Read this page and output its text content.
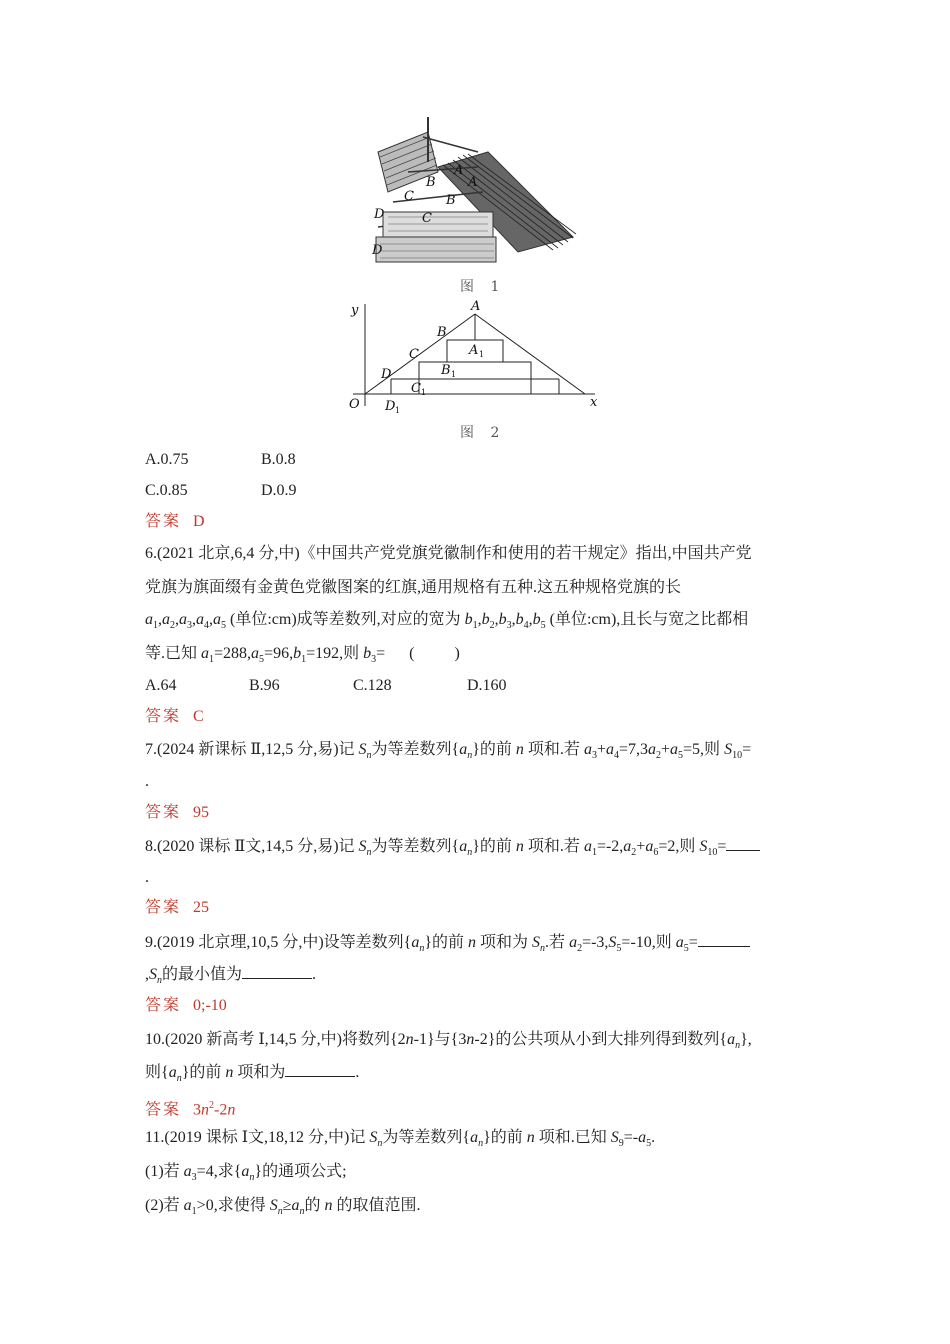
A
B
C
D
A
B
C
D
图 1
y
x
O
A
B
C
D
A
B
C
D
1
1
1
1
图 2
A.0.75	B.0.8
C.0.85	D.0.9
答案 D
6.(2021 北京,6,4 分,中)《中国共产党党旗党徽制作和使用的若干规定》指出,中国共产党
党旗为旗面缀有金黄色党徽图案的红旗,通用规格有五种.这五种规格党旗的长
$a_1,a_2,a_3,a_4,a_5$ (单位:cm)成等差数列,对应的宽为 $b_1,b_2,b_3,b_4,b_5$ (单位:cm),且长与宽之比都相
等.已知 $a_1=288,a_5=96,b_1=192$,则 $b_3=$      (          )
A.64	B.96	C.128	D.160
答案 C
7.(2024 新课标 Ⅱ,12,5 分,易)记 $S_n$为等差数列$\{a_n\}$的前 n 项和.若 $a_3+a_4=7,3a_2+a_5=5$,则 $S_{10}=$
.
答案 95
8.(2020 课标 Ⅱ文,14,5 分,易)记 $S_n$为等差数列$\{a_n\}$的前 n 项和.若 $a_1=-2,a_2+a_6=2$,则 $S_{10}=$
.
答案 25
9.(2019 北京理,10,5 分,中)设等差数列$\{a_n\}$的前 n 项和为 $S_n$.若 $a_2=-3,S_5=-10$,则 $a_5=$
$,S_n$的最小值为	.
答案 0;-10
10.(2020 新高考 Ⅰ,14,5 分,中)将数列{2n-1}与{3n-2}的公共项从小到大排列得到数列$\{a_n\}$,
则$\{a_n\}$的前 n 项和为	.
答案 $3n^2-2n$
11.(2019 课标 Ⅰ文,18,12 分,中)记 $S_n$为等差数列$\{a_n\}$的前 n 项和.已知 $S_9=-a_5$.
(1)若 $a_3=4$,求$\{a_n\}$的通项公式;
(2)若 $a_1>0$,求使得 $S_n\ge a_n$的 n 的取值范围.
